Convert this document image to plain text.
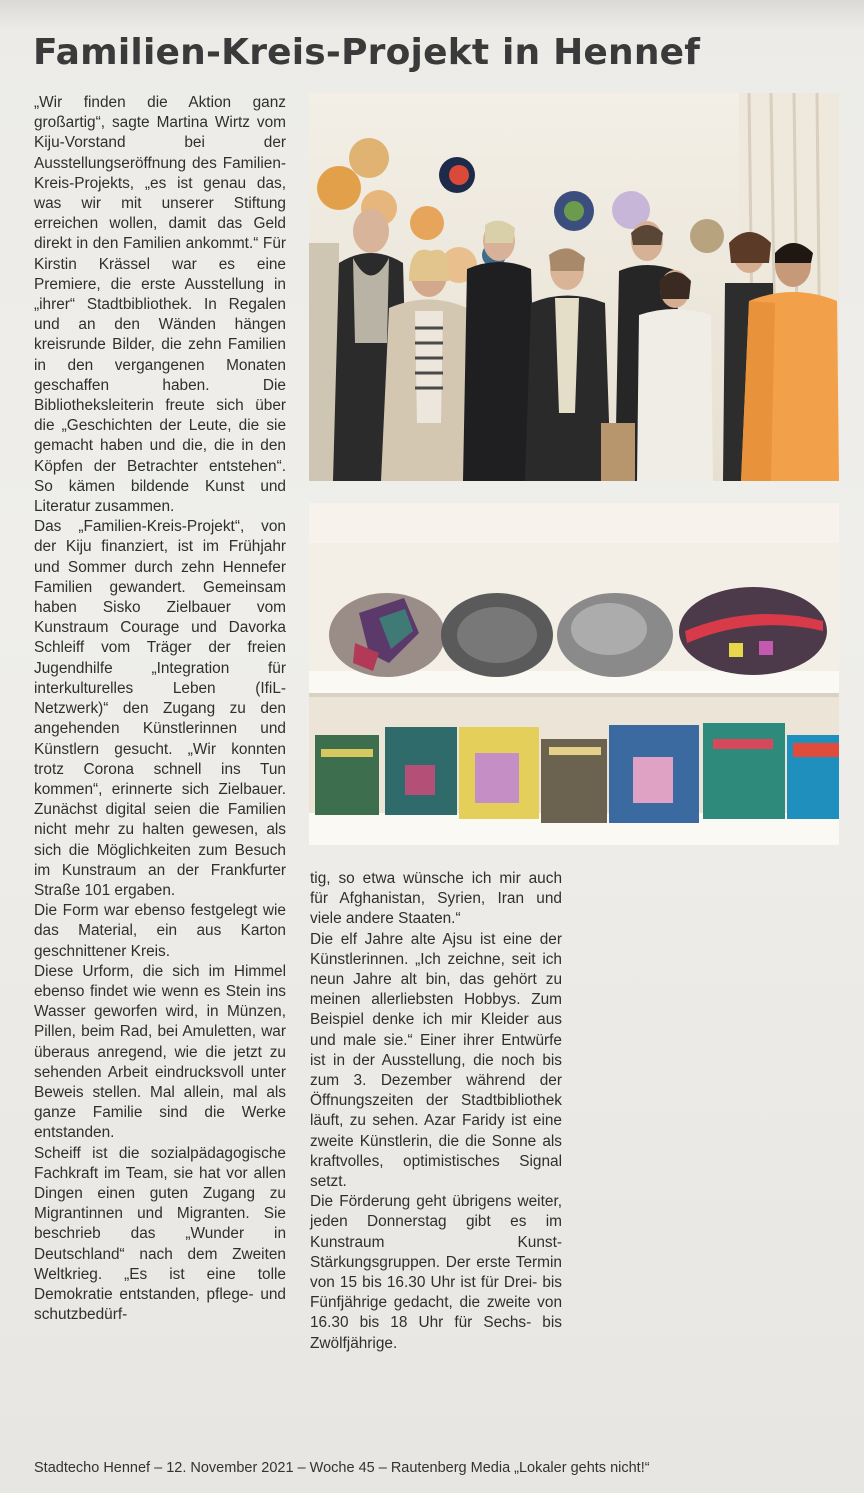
Familien-Kreis-Projekt in Hennef

„Wir finden die Aktion ganz großartig“, sagte Martina Wirtz vom Kiju-Vorstand bei der Ausstellungseröffnung des Familien-Kreis-Projekts, „es ist genau das, was wir mit unserer Stiftung erreichen wollen, damit das Geld direkt in den Familien ankommt.“ Für Kirstin Krässel war es eine Premiere, die erste Ausstellung in „ihrer“ Stadtbibliothek. In Regalen und an den Wänden hängen kreisrunde Bilder, die zehn Familien in den vergangenen Monaten geschaffen haben. Die Bibliotheksleiterin freute sich über die „Geschichten der Leute, die sie gemacht haben und die, die in den Köpfen der Betrachter entstehen“. So kämen bildende Kunst und Literatur zusammen.

Das „Familien-Kreis-Projekt“, von der Kiju finanziert, ist im Frühjahr und Sommer durch zehn Hennefer Familien gewandert. Gemeinsam haben Sisko Zielbauer vom Kunstraum Courage und Davorka Schleiff vom Träger der freien Jugendhilfe „Integration für interkulturelles Leben (IfiL-Netzwerk)“ den Zugang zu den angehenden Künstlerinnen und Künstlern gesucht. „Wir konnten trotz Corona schnell ins Tun kommen“, erinnerte sich Zielbauer. Zunächst digital seien die Familien nicht mehr zu halten gewesen, als sich die Möglichkeiten zum Besuch im Kunstraum an der Frankfurter Straße 101 ergaben.

Die Form war ebenso festgelegt wie das Material, ein aus Karton geschnittener Kreis.

Diese Urform, die sich im Himmel ebenso findet wie wenn es Stein ins Wasser geworfen wird, in Münzen, Pillen, beim Rad, bei Amuletten, war überaus anregend, wie die jetzt zu sehenden Arbeit eindrucksvoll unter Beweis stellen. Mal allein, mal als ganze Familie sind die Werke entstanden.

Scheiff ist die sozialpädagogische Fachkraft im Team, sie hat vor allen Dingen einen guten Zugang zu Migrantinnen und Migranten. Sie beschrieb das „Wunder in Deutschland“ nach dem Zweiten Weltkrieg. „Es ist eine tolle Demokratie entstanden, pflege- und schutzbedürf-

tig, so etwa wünsche ich mir auch für Afghanistan, Syrien, Iran und viele andere Staaten.“

Die elf Jahre alte Ajsu ist eine der Künstlerinnen. „Ich zeichne, seit ich neun Jahre alt bin, das gehört zu meinen allerliebsten Hobbys. Zum Beispiel denke ich mir Kleider aus und male sie.“ Einer ihrer Entwürfe ist in der Ausstellung, die noch bis zum 3. Dezember während der Öffnungszeiten der Stadtbibliothek läuft, zu sehen. Azar Faridy ist eine zweite Künstlerin, die die Sonne als kraftvolles, optimistisches Signal setzt.

Die Förderung geht übrigens weiter, jeden Donnerstag gibt es im Kunstraum Kunst-Stärkungsgruppen. Der erste Termin von 15 bis 16.30 Uhr ist für Drei- bis Fünfjährige gedacht, die zweite von 16.30 bis 18 Uhr für Sechs- bis Zwölfjährige.

Stadtecho Hennef – 12. November 2021 – Woche 45 – Rautenberg Media „Lokaler gehts nicht!“
